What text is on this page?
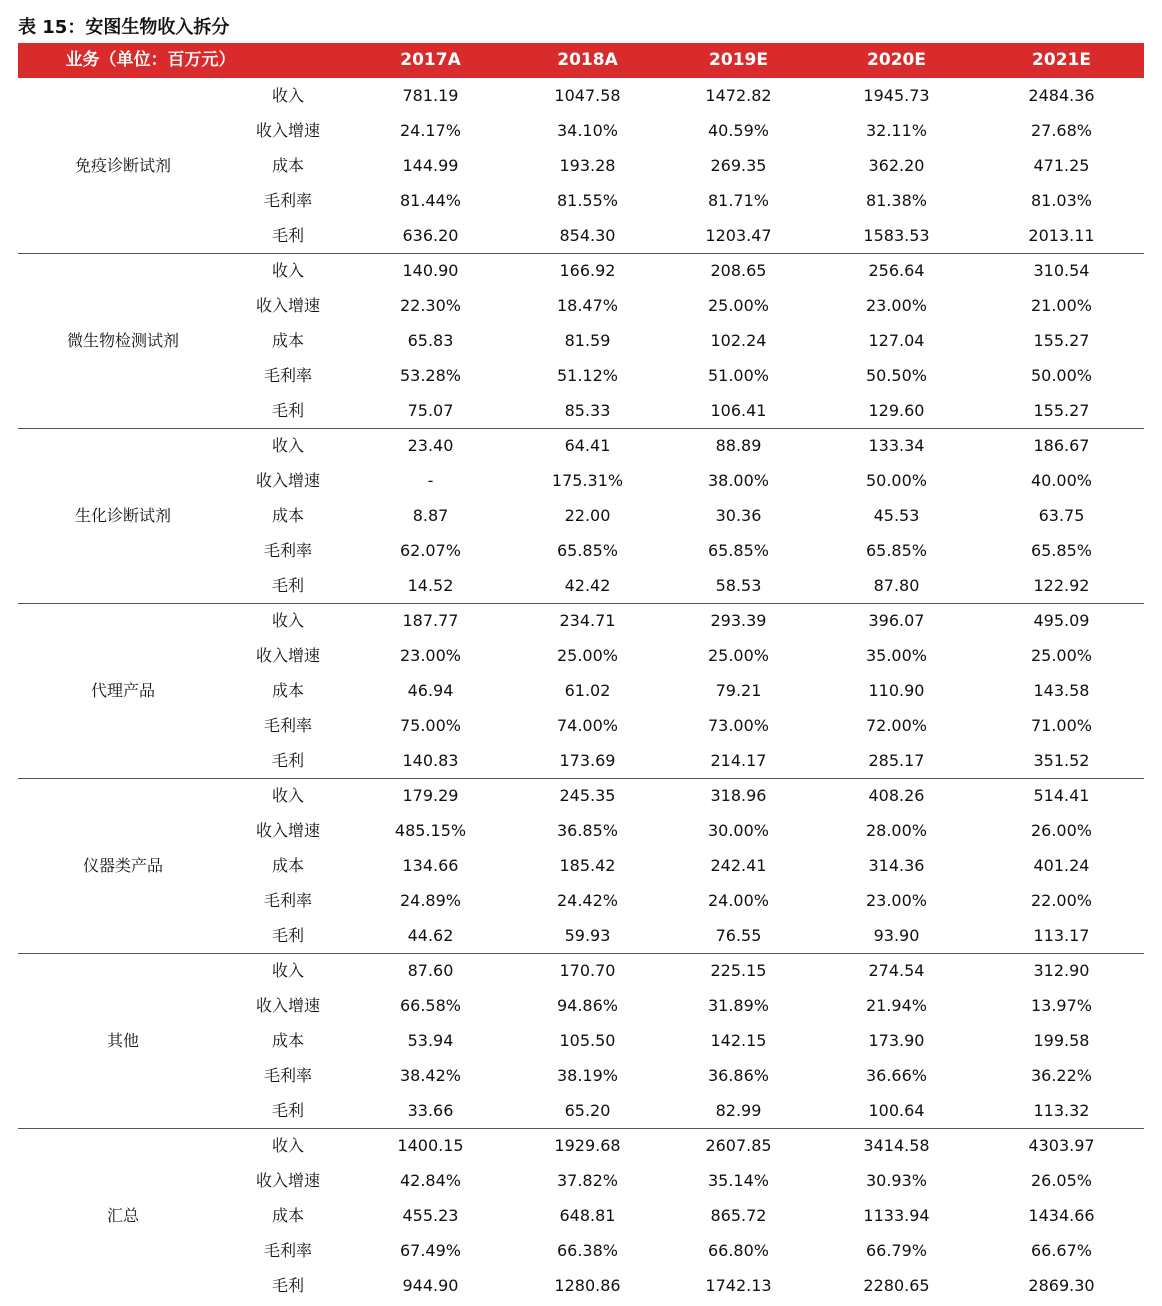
表 15：安图生物收入拆分
业务（单位：百万元）	2017A	2018A	2019E	2020E	2021E
免疫诊断试剂
收入	781.19	1047.58	1472.82	1945.73	2484.36
收入增速	24.17%	34.10%	40.59%	32.11%	27.68%
成本	144.99	193.28	269.35	362.20	471.25
毛利率	81.44%	81.55%	81.71%	81.38%	81.03%
毛利	636.20	854.30	1203.47	1583.53	2013.11
微生物检测试剂
收入	140.90	166.92	208.65	256.64	310.54
收入增速	22.30%	18.47%	25.00%	23.00%	21.00%
成本	65.83	81.59	102.24	127.04	155.27
毛利率	53.28%	51.12%	51.00%	50.50%	50.00%
毛利	75.07	85.33	106.41	129.60	155.27
生化诊断试剂
收入	23.40	64.41	88.89	133.34	186.67
收入增速	-	175.31%	38.00%	50.00%	40.00%
成本	8.87	22.00	30.36	45.53	63.75
毛利率	62.07%	65.85%	65.85%	65.85%	65.85%
毛利	14.52	42.42	58.53	87.80	122.92
代理产品
收入	187.77	234.71	293.39	396.07	495.09
收入增速	23.00%	25.00%	25.00%	35.00%	25.00%
成本	46.94	61.02	79.21	110.90	143.58
毛利率	75.00%	74.00%	73.00%	72.00%	71.00%
毛利	140.83	173.69	214.17	285.17	351.52
仪器类产品
收入	179.29	245.35	318.96	408.26	514.41
收入增速	485.15%	36.85%	30.00%	28.00%	26.00%
成本	134.66	185.42	242.41	314.36	401.24
毛利率	24.89%	24.42%	24.00%	23.00%	22.00%
毛利	44.62	59.93	76.55	93.90	113.17
其他
收入	87.60	170.70	225.15	274.54	312.90
收入增速	66.58%	94.86%	31.89%	21.94%	13.97%
成本	53.94	105.50	142.15	173.90	199.58
毛利率	38.42%	38.19%	36.86%	36.66%	36.22%
毛利	33.66	65.20	82.99	100.64	113.32
汇总
收入	1400.15	1929.68	2607.85	3414.58	4303.97
收入增速	42.84%	37.82%	35.14%	30.93%	26.05%
成本	455.23	648.81	865.72	1133.94	1434.66
毛利率	67.49%	66.38%	66.80%	66.79%	66.67%
毛利	944.90	1280.86	1742.13	2280.65	2869.30
